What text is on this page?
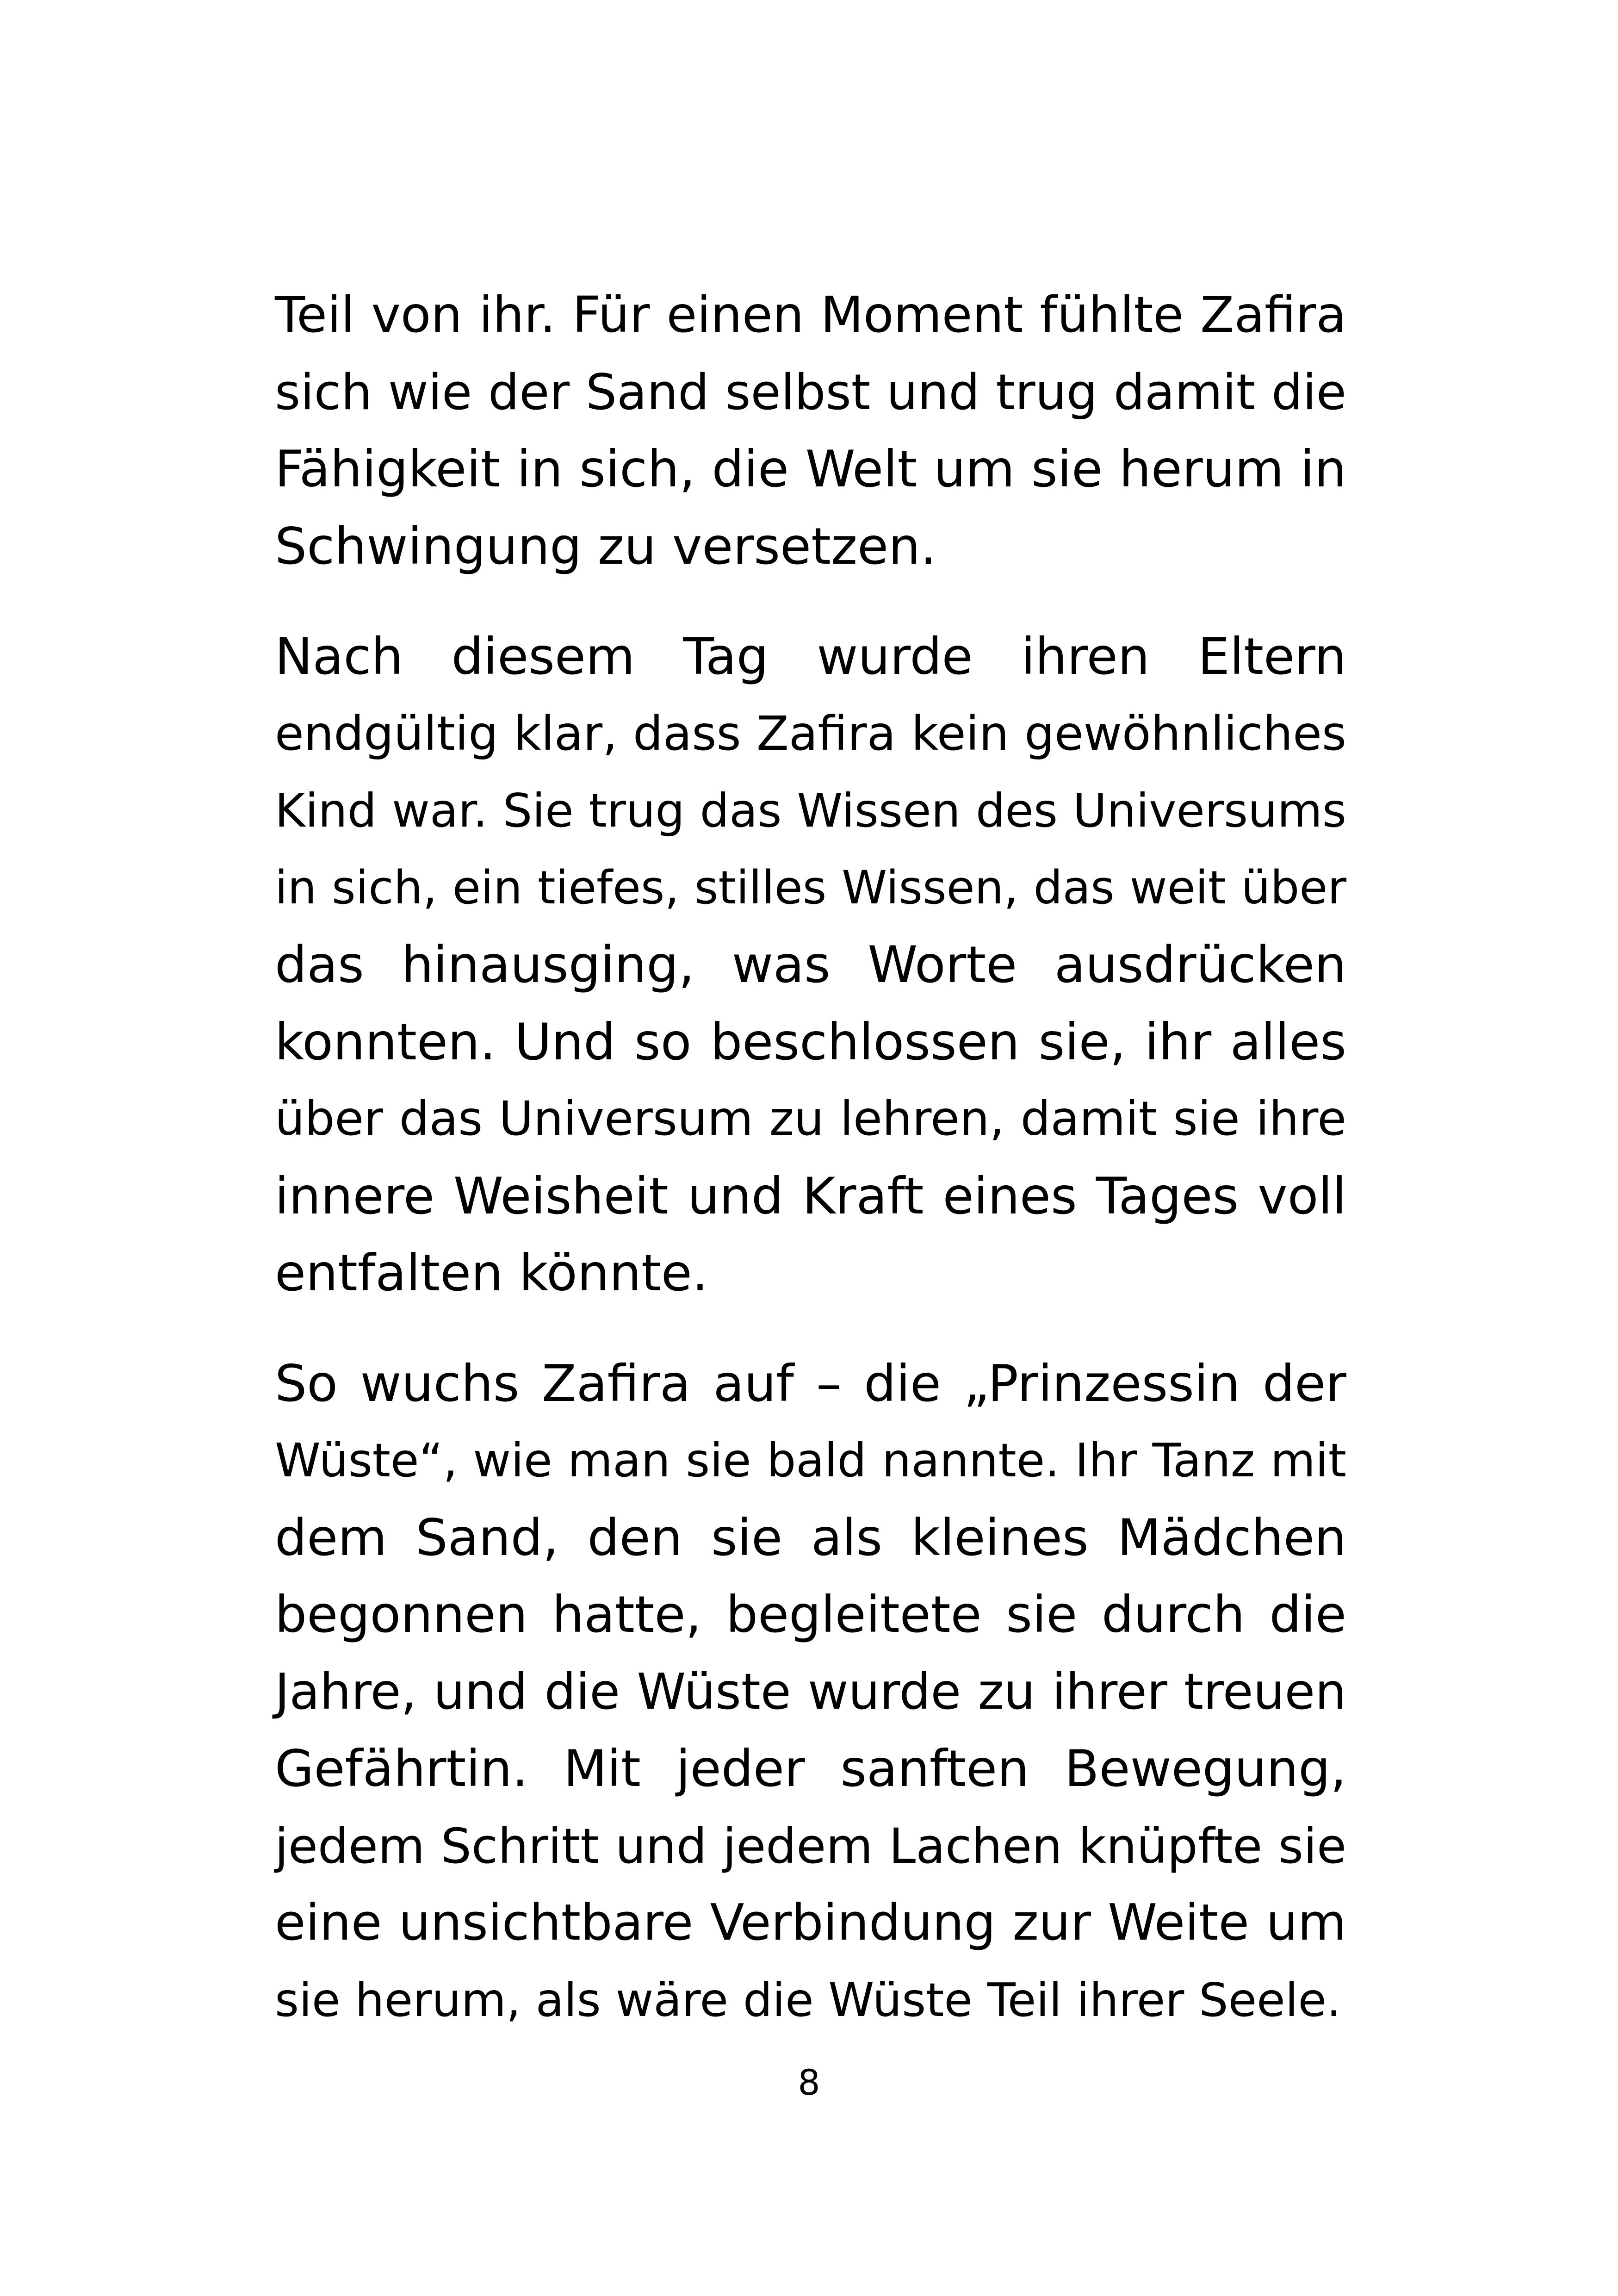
Teil von ihr. Für einen Moment fühlte Zafira
sich wie der Sand selbst und trug damit die
Fähigkeit in sich, die Welt um sie herum in
Schwingung zu versetzen.
Nach diesem Tag wurde ihren Eltern
endgültig klar, dass Zafira kein gewöhnliches
Kind war. Sie trug das Wissen des Universums
in sich, ein tiefes, stilles Wissen, das weit über
das hinausging, was Worte ausdrücken
konnten. Und so beschlossen sie, ihr alles
über das Universum zu lehren, damit sie ihre
innere Weisheit und Kraft eines Tages voll
entfalten könnte.
So wuchs Zafira auf – die „Prinzessin der
Wüste“, wie man sie bald nannte. Ihr Tanz mit
dem Sand, den sie als kleines Mädchen
begonnen hatte, begleitete sie durch die
Jahre, und die Wüste wurde zu ihrer treuen
Gefährtin. Mit jeder sanften Bewegung,
jedem Schritt und jedem Lachen knüpfte sie
eine unsichtbare Verbindung zur Weite um
sie herum, als wäre die Wüste Teil ihrer Seele.
8
